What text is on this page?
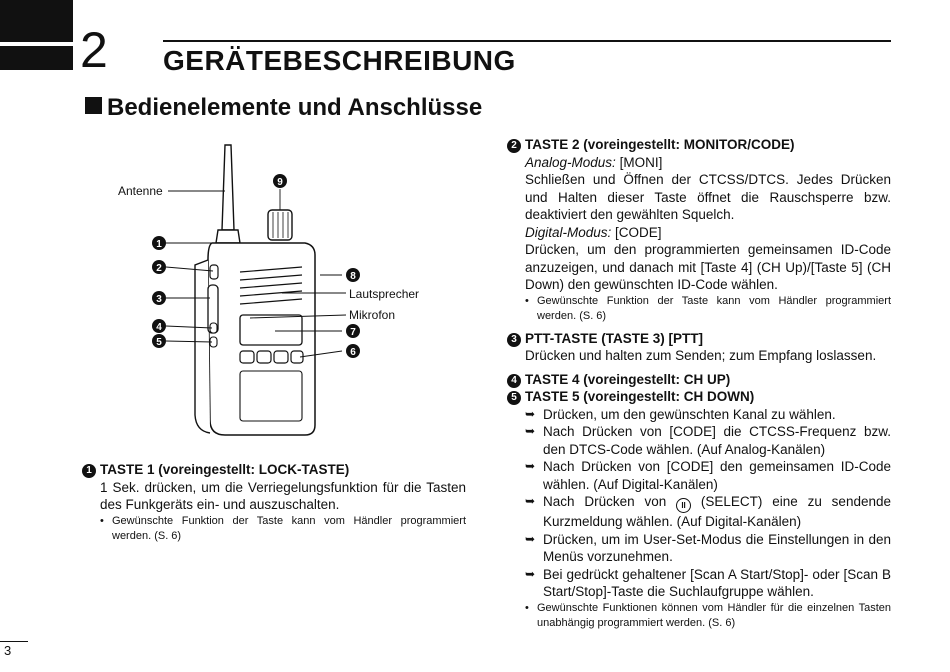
2 GERÄTEBESCHREIBUNG
Bedienelemente und Anschlüsse
1
2
3
4
5
6
7
8
9
Antenne
Lautsprecher
Mikrofon
1 TASTE 1 (voreingestellt: LOCK-TASTE)
1 Sek. drücken, um die Verriegelungsfunktion für die Tasten des Funkgeräts ein- und auszuschalten.
• Gewünschte Funktion der Taste kann vom Händler programmiert werden. (S. 6)
2 TASTE 2 (voreingestellt: MONITOR/CODE)
Analog-Modus: [MONI]
Schließen und Öffnen der CTCSS/DTCS. Jedes Drücken und Halten dieser Taste öffnet die Rauschsperre bzw. deaktiviert den gewählten Squelch.
Digital-Modus: [CODE]
Drücken, um den programmierten gemeinsamen ID-Code anzuzeigen, und danach mit [Taste 4] (CH Up)/[Taste 5] (CH Down) den gewünschten ID-Code wählen.
• Gewünschte Funktion der Taste kann vom Händler programmiert werden. (S. 6)
3 PTT-TASTE (TASTE 3) [PTT]
Drücken und halten zum Senden; zum Empfang loslassen.
4 TASTE 4 (voreingestellt: CH UP)
5 TASTE 5 (voreingestellt: CH DOWN)
➥ Drücken, um den gewünschten Kanal zu wählen.
➥ Nach Drücken von [CODE] die CTCSS-Frequenz bzw. den DTCS-Code wählen. (Auf Analog-Kanälen)
➥ Nach Drücken von [CODE] den gemeinsamen ID-Code wählen. (Auf Digital-Kanälen)
➥ Nach Drücken von II (SELECT) eine zu sendende Kurzmeldung wählen. (Auf Digital-Kanälen)
➥ Drücken, um im User-Set-Modus die Einstellungen in den Menüs vorzunehmen.
➥ Bei gedrückt gehaltener [Scan A Start/Stop]- oder [Scan B Start/Stop]-Taste die Suchlaufgruppe wählen.
• Gewünschte Funktionen können vom Händler für die einzelnen Tasten unabhängig programmiert werden. (S. 6)
3
